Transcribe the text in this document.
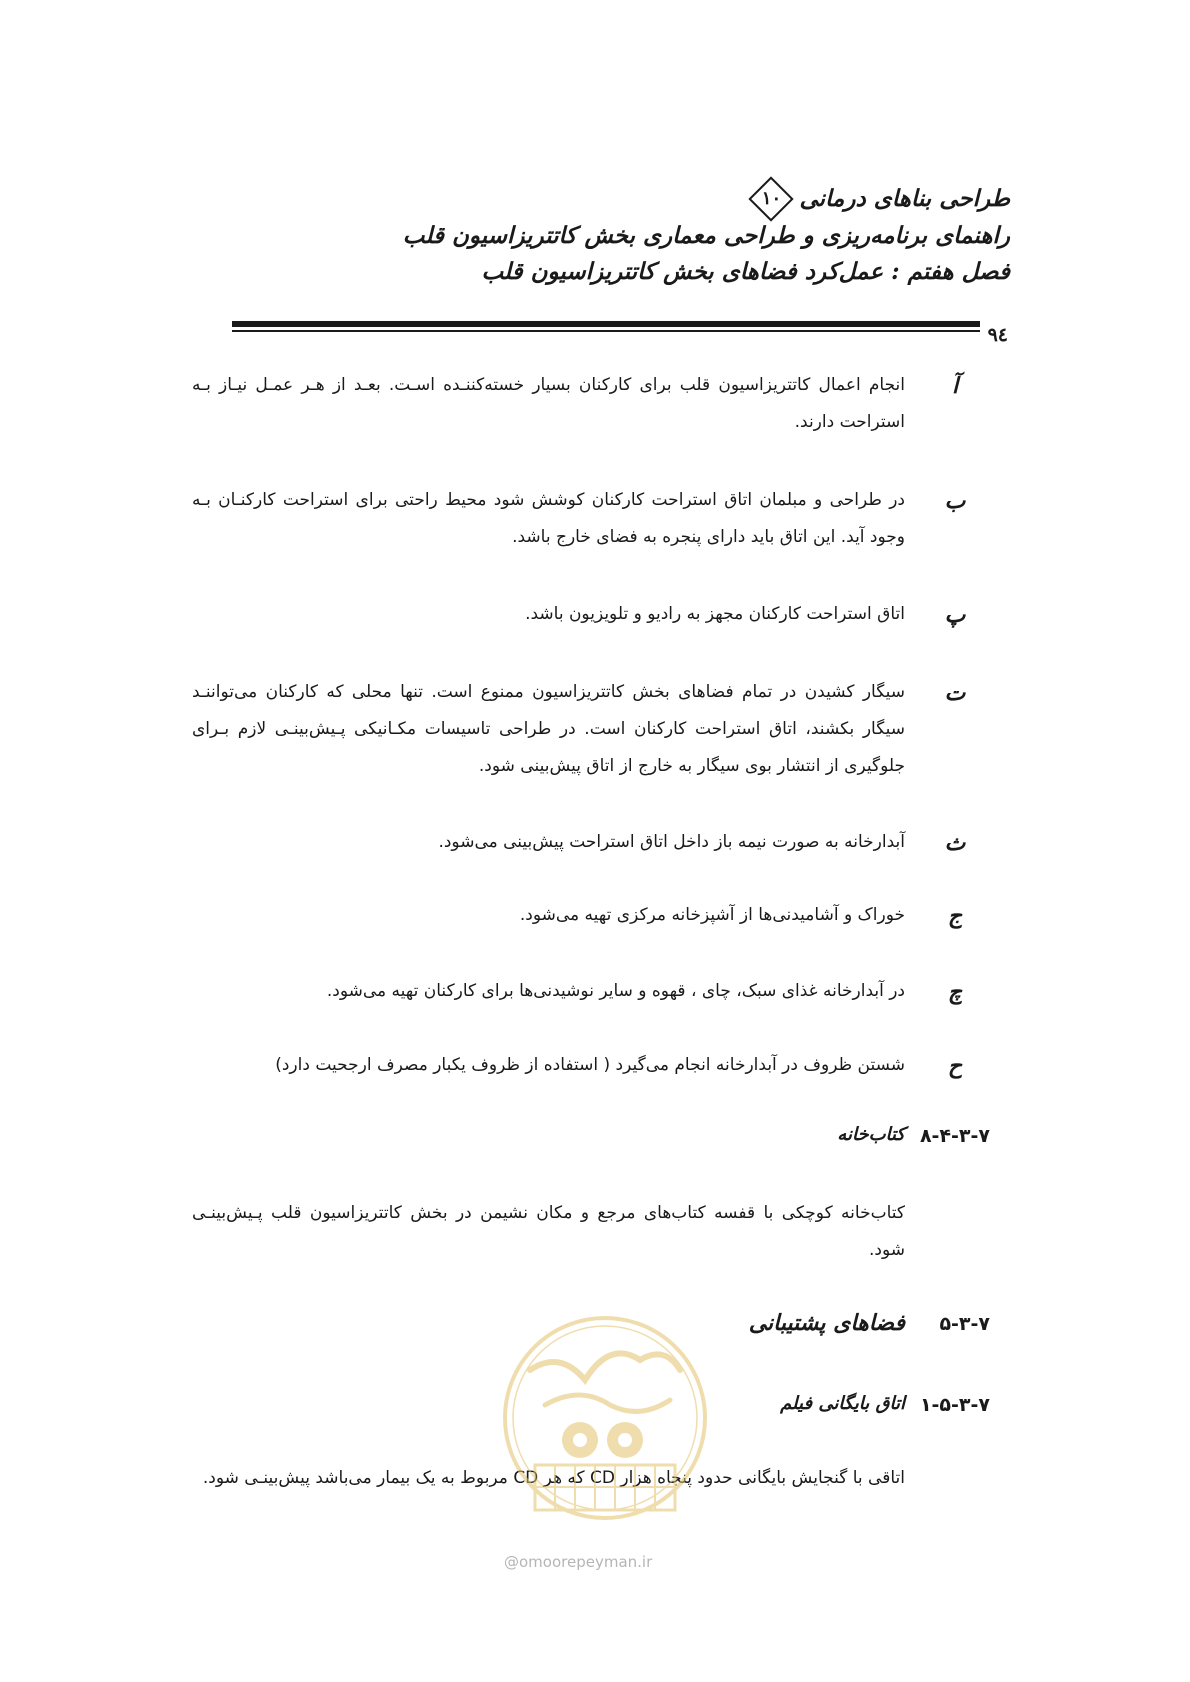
طراحی بناهای درمانی
۱۰
راهنمای برنامه‌ریزی و طراحی معماری بخش کاتتریزاسیون قلب
فصل هفتم : عمل‌کرد فضاهای بخش کاتتریزاسیون قلب
۹٤
آ
انجام اعمال کاتتریزاسیون قلب برای کارکنان بسیار خسته‌کننـده اسـت. بعـد از هـر عمـل نیـاز بـه استراحت دارند.
ب
در طراحی و مبلمان اتاق استراحت کارکنان کوشش شود محیط راحتی برای استراحت کارکنـان بـه وجود آید. این اتاق باید دارای پنجره به فضای خارج باشد.
پ
اتاق استراحت کارکنان مجهز به رادیو و تلویزیون باشد.
ت
سیگار کشیدن در تمام فضاهای بخش کاتتریزاسیون ممنوع است. تنها محلی که کارکنان می‌تواننـد سیگار بکشند، اتاق استراحت کارکنان است. در طراحی تاسیسات مکـانیکی پـیش‌بینـی لازم بـرای جلوگیری از انتشار بوی سیگار به خارج از اتاق پیش‌بینی شود.
ث
آبدارخانه به صورت نیمه باز داخل اتاق استراحت پیش‌بینی می‌شود.
ج
خوراک و آشامیدنی‌ها از آشپزخانه مرکزی تهیه می‌شود.
چ
در آبدارخانه غذای سبک، چای ، قهوه و سایر نوشیدنی‌ها برای کارکنان تهیه می‌شود.
ح
شستن ظروف در آبدارخانه انجام می‌گیرد ( استفاده از ظروف یکبار مصرف ارجحیت دارد)
۸-۴-۳-۷
کتاب‌خانه
کتاب‌خانه کوچکی با قفسه کتاب‌های مرجع و مکان نشیمن در بخش کاتتریزاسیون قلب پـیش‌بینـی شود.
۵-۳-۷
فضاهای پشتیبانی
۱-۵-۳-۷
اتاق بایگانی فیلم
اتاقی با گنجایش بایگانی حدود پنجاه هزار CD که هر CD مربوط به یک بیمار می‌باشد پیش‌بینـی شود.
@omoorepeyman.ir
